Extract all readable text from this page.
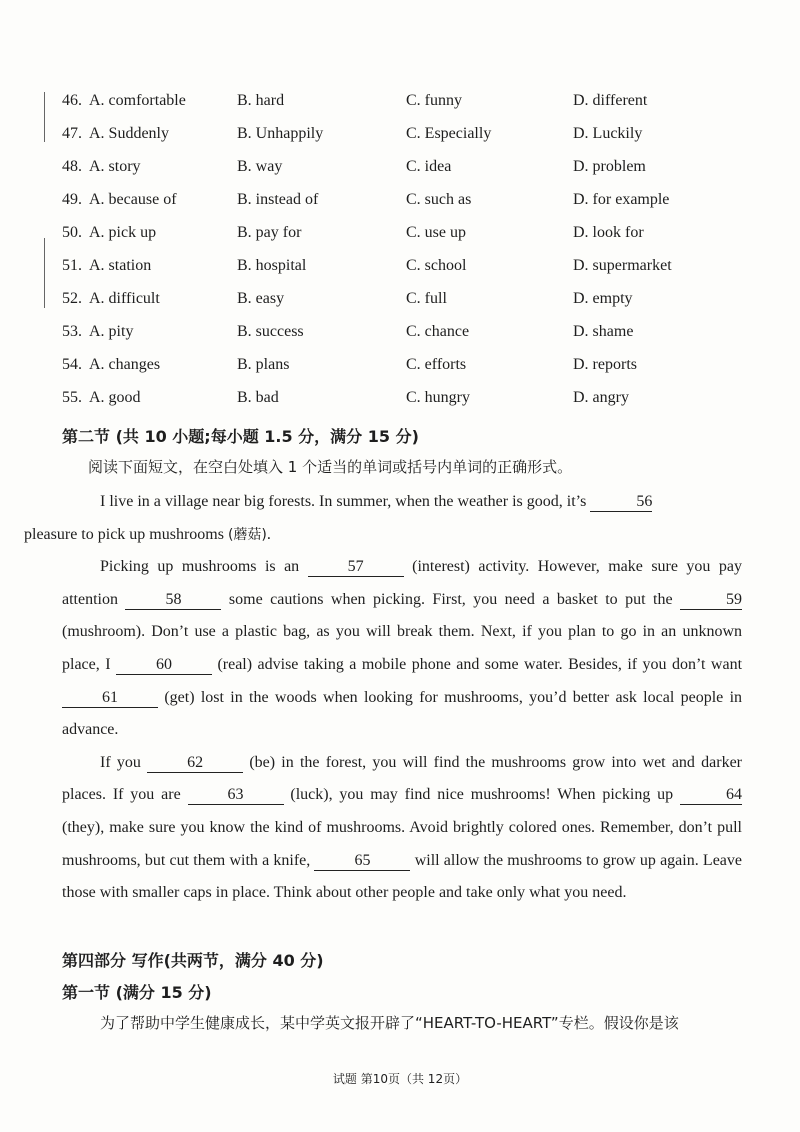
46. A. comfortable	B. hard	C. funny	D. different
47. A. Suddenly	B. Unhappily	C. Especially	D. Luckily
48. A. story	B. way	C. idea	D. problem
49. A. because of	B. instead of	C. such as	D. for example
50. A. pick up	B. pay for	C. use up	D. look for
51. A. station	B. hospital	C. school	D. supermarket
52. A. difficult	B. easy	C. full	D. empty
53. A. pity	B. success	C. chance	D. shame
54. A. changes	B. plans	C. efforts	D. reports
55. A. good	B. bad	C. hungry	D. angry
第二节 (共 10 小题;每小题 1.5 分，满分 15 分)
阅读下面短文，在空白处填入 1 个适当的单词或括号内单词的正确形式。

I live in a village near big forests. In summer, when the weather is good, it’s	56
pleasure to pick up mushrooms (蘑菇).

Picking up mushrooms is an	57	(interest) activity. However, make sure you pay attention	58	some cautions when picking. First, you need a basket to put the	59 (mushroom). Don’t use a plastic bag, as you will break them. Next, if you plan to go in an unknown place, I	60	(real) advise taking a mobile phone and some water. Besides, if you don’t want 61	(get) lost in the woods when looking for mushrooms, you’d better ask local people in advance.

If you	62	(be) in the forest, you will find the mushrooms grow into wet and darker places. If you are	63	(luck), you may find nice mushrooms! When picking up	64 (they), make sure you know the kind of mushrooms. Avoid brightly colored ones. Remember, don’t pull mushrooms, but cut them with a knife,	65	will allow the mushrooms to grow up again. Leave those with smaller caps in place. Think about other people and take only what you need.

第四部分 写作(共两节，满分 40 分)
第一节 (满分 15 分)
为了帮助中学生健康成长，某中学英文报开辟了“HEART-TO-HEART”专栏。假设你是该
试题 第10页（共 12页）
